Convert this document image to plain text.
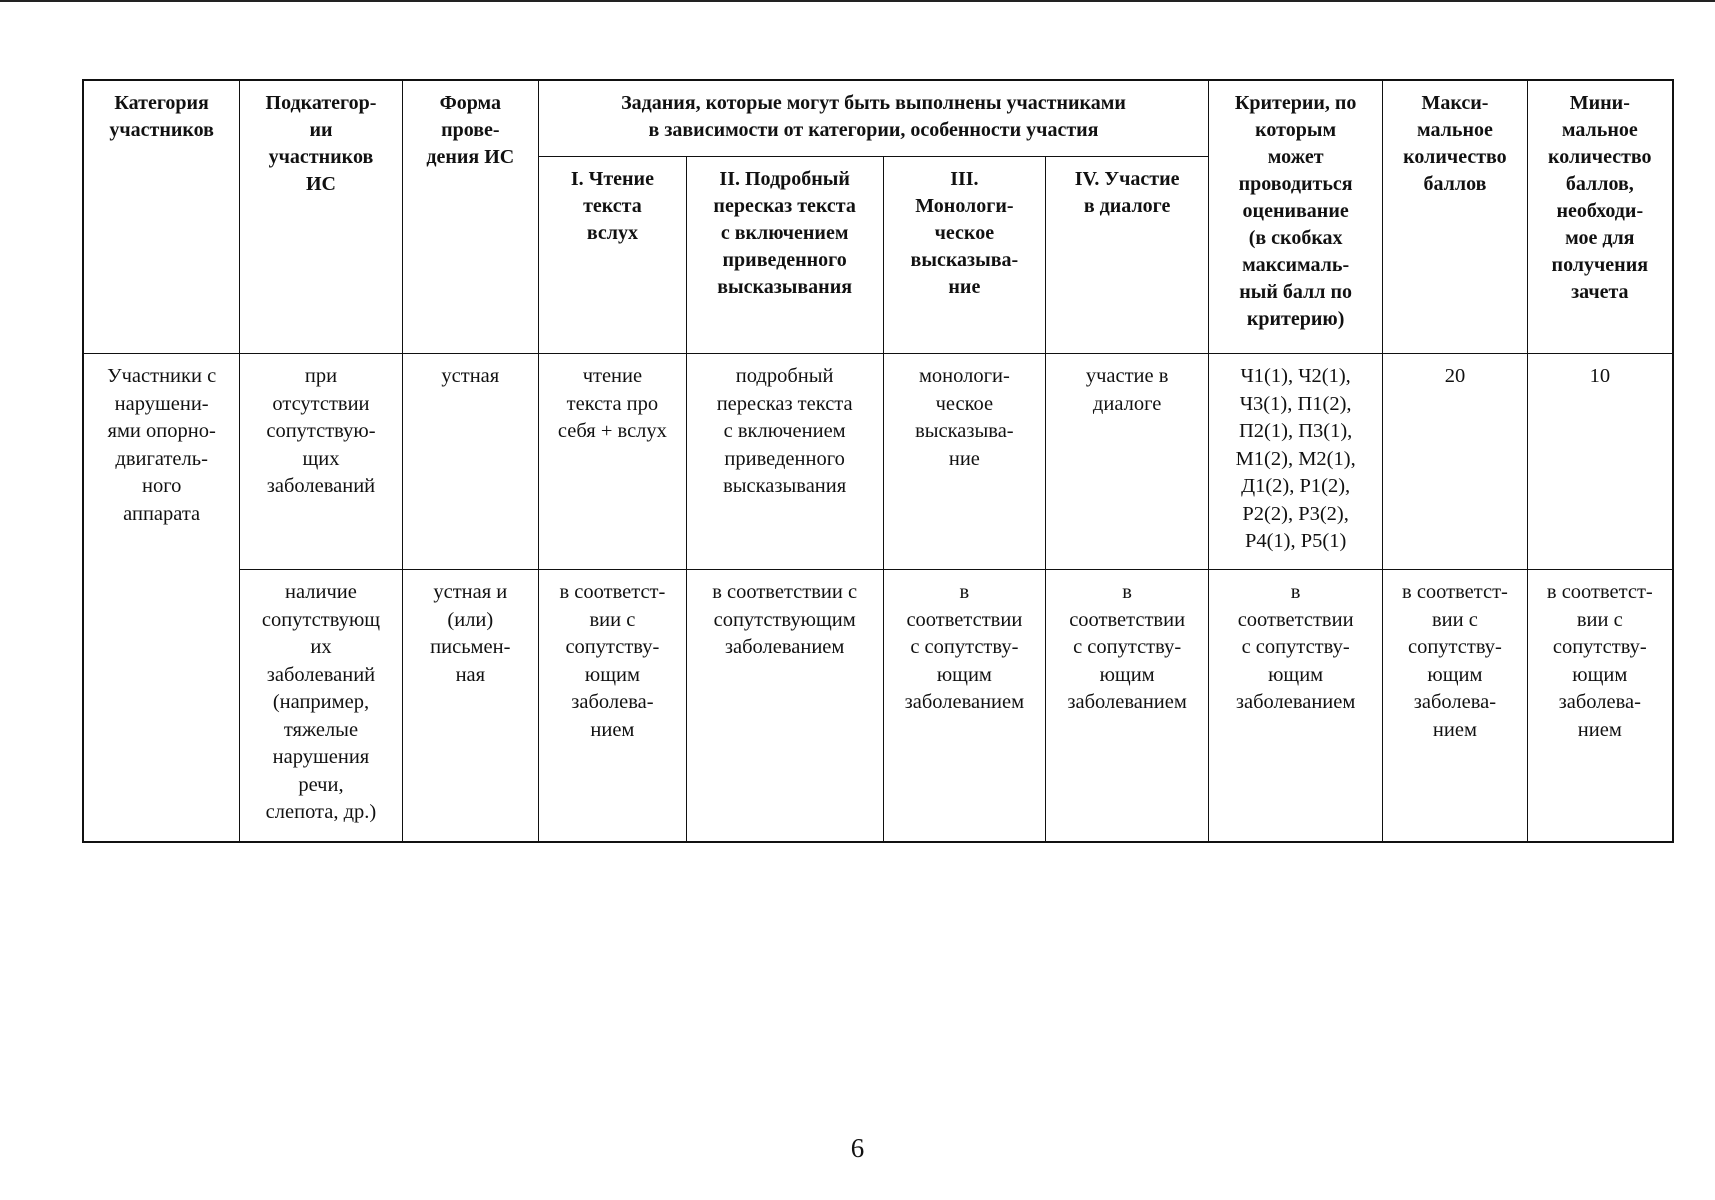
Категория
участников
Участники с
нарушени-
ями опорно-
двигатель-
ного
аппарата
Подкатегор-
ии
участников
ИС
при
отсутствии
сопутствую-
щих
заболеваний
наличие
сопутствующ
их
заболеваний
(например,
тяжелые
нарушения
речи,
слепота, др.)
Форма
прове-
дения ИС
устная
устная и
(или)
письмен-
ная
Задания, которые могут быть выполнены участниками
в зависимости от категории, особенности участия
I. Чтение
текста
вслух
II. Подробный
пересказ текста
с включением
приведенного
высказывания
III.
Монологи-
ческое
высказыва-
ние
IV. Участие
в диалоге
чтение
текста про
себя + вслух
подробный
пересказ текста
с включением
приведенного
высказывания
монологи-
ческое
высказыва-
ние
участие в
диалоге
в соответст-
вии с
сопутству-
ющим
заболева-
нием
в соответствии с
сопутствующим
заболеванием
в
соответствии
с сопутству-
ющим
заболеванием
в
соответствии
с сопутству-
ющим
заболеванием
Критерии, по
которым
может
проводиться
оценивание
(в скобках
максималь-
ный балл по
критерию)
Ч1(1), Ч2(1),
Ч3(1), П1(2),
П2(1), П3(1),
М1(2), М2(1),
Д1(2), Р1(2),
Р2(2), Р3(2),
Р4(1), Р5(1)
в
соответствии
с сопутству-
ющим
заболеванием
Макси-
мальное
количество
баллов
20
в соответст-
вии с
сопутству-
ющим
заболева-
нием
Мини-
мальное
количество
баллов,
необходи-
мое для
получения
зачета
10
в соответст-
вии с
сопутству-
ющим
заболева-
нием
6
